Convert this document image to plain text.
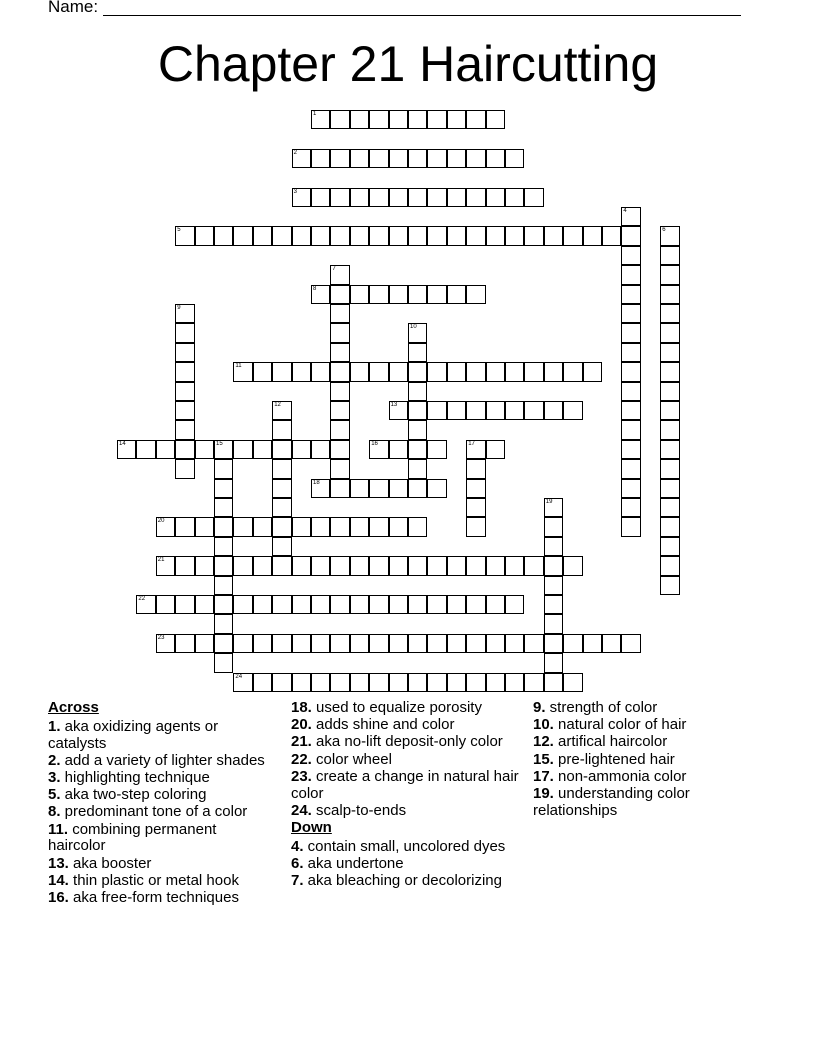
Name:
Chapter 21 Haircutting
1
2
3
4
5	6
7
8
9
10
11
12	13
14	15	16	17
18
19
20
21
22
23
24
Across
1. aka oxidizing agents or catalysts
2. add a variety of lighter shades
3. highlighting technique
5. aka two-step coloring
8. predominant tone of a color
11. combining permanent haircolor
13. aka booster
14. thin plastic or metal hook
16. aka free-form techniques
18. used to equalize porosity
20. adds shine and color
21. aka no-lift deposit-only color
22. color wheel
23. create a change in natural hair color
24. scalp-to-ends
Down
4. contain small, uncolored dyes
6. aka undertone
7. aka bleaching or decolorizing
9. strength of color
10. natural color of hair
12. artifical haircolor
15. pre-lightened hair
17. non-ammonia color
19. understanding color relationships
